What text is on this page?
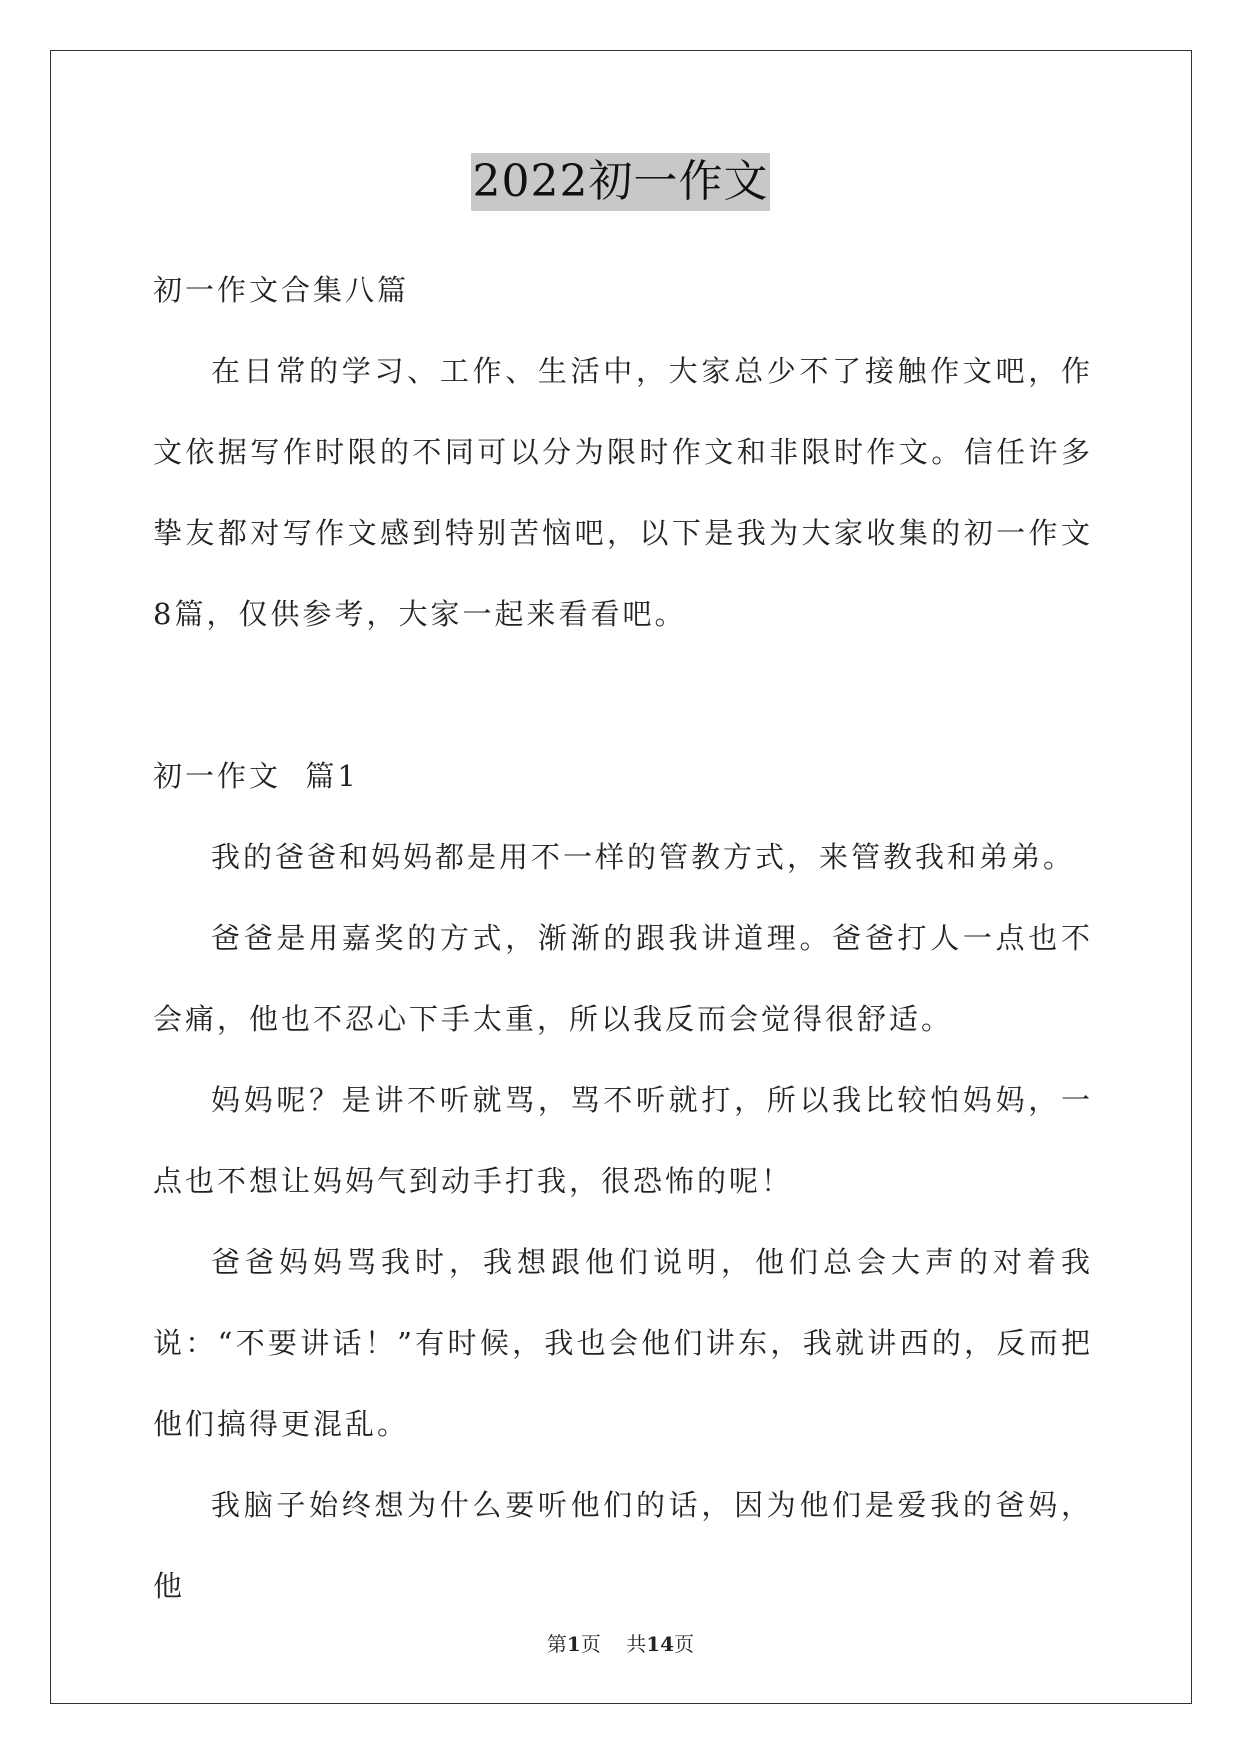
2022初一作文

初一作文合集八篇

在日常的学习、工作、生活中，大家总少不了接触作文吧，作文依据写作时限的不同可以分为限时作文和非限时作文。信任许多挚友都对写作文感到特别苦恼吧，以下是我为大家收集的初一作文8篇，仅供参考，大家一起来看看吧。

初一作文  篇1

我的爸爸和妈妈都是用不一样的管教方式，来管教我和弟弟。

爸爸是用嘉奖的方式，渐渐的跟我讲道理。爸爸打人一点也不会痛，他也不忍心下手太重，所以我反而会觉得很舒适。

妈妈呢？是讲不听就骂，骂不听就打，所以我比较怕妈妈，一点也不想让妈妈气到动手打我，很恐怖的呢！

爸爸妈妈骂我时，我想跟他们说明，他们总会大声的对着我说：“不要讲话！”有时候，我也会他们讲东，我就讲西的，反而把他们搞得更混乱。

我脑子始终想为什么要听他们的话，因为他们是爱我的爸妈，他

第1页 共14页
